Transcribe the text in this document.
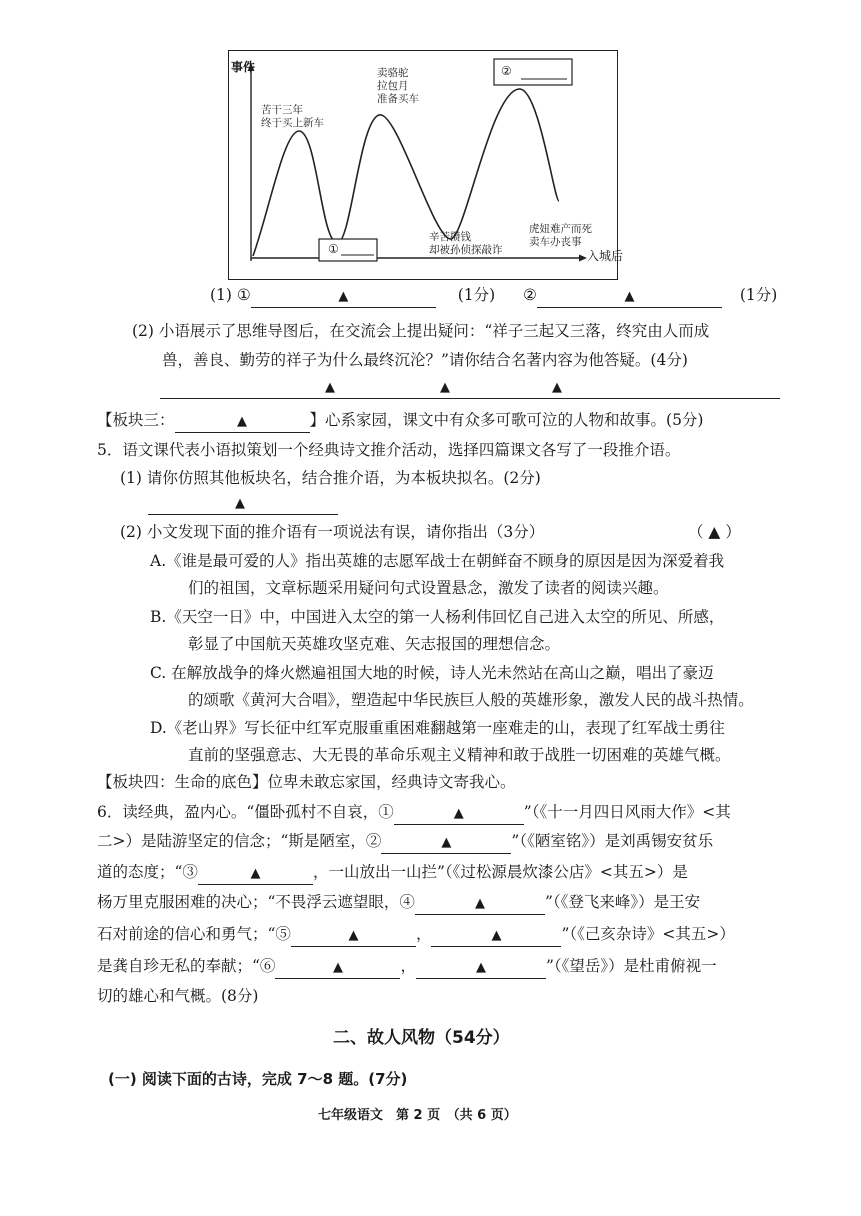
事件
入城后
苦干三年
终于买上新车
卖骆驼
拉包月
准备买车
辛苦攒钱
却被孙侦探敲诈
虎妞难产而死
卖车办丧事
①
②
(1) ①	▲	(1分) ②	▲	(1分)
(2) 小语展示了思维导图后，在交流会上提出疑问：“祥子三起又三落，终究由人而成
兽，善良、勤劳的祥子为什么最终沉沦？”请你结合名著内容为他答疑。(4分)
▲	▲	▲
【板块三：	▲	】心系家园，课文中有众多可歌可泣的人物和故事。(5分)
5．语文课代表小语拟策划一个经典诗文推介活动，选择四篇课文各写了一段推介语。
(1) 请你仿照其他板块名，结合推介语，为本板块拟名。(2分)
▲
(2) 小文发现下面的推介语有一项说法有误，请你指出（3分）	（ ▲ ）
A.《谁是最可爱的人》指出英雄的志愿军战士在朝鲜奋不顾身的原因是因为深爱着我
们的祖国，文章标题采用疑问句式设置悬念，激发了读者的阅读兴趣。
B.《天空一日》中，中国进入太空的第一人杨利伟回忆自己进入太空的所见、所感，
彰显了中国航天英雄攻坚克难、矢志报国的理想信念。
C. 在解放战争的烽火燃遍祖国大地的时候，诗人光未然站在高山之巅，唱出了豪迈
的颂歌《黄河大合唱》，塑造起中华民族巨人般的英雄形象，激发人民的战斗热情。
D.《老山界》写长征中红军克服重重困难翻越第一座难走的山，表现了红军战士勇往
直前的坚强意志、大无畏的革命乐观主义精神和敢于战胜一切困难的英雄气概。
【板块四：生命的底色】位卑未敢忘家国，经典诗文寄我心。
6．读经典，盈内心。“僵卧孤村不自哀，①	▲	”（《十一月四日风雨大作》<其
二>）是陆游坚定的信念；“斯是陋室，②	▲	”（《陋室铭》）是刘禹锡安贫乐
道的态度；“③	▲	，一山放出一山拦”（《过松源晨炊漆公店》<其五>）是
杨万里克服困难的决心；“不畏浮云遮望眼，④	▲	”（《登飞来峰》）是王安
石对前途的信心和勇气；“⑤	▲	，	▲	”（《己亥杂诗》<其五>）
是龚自珍无私的奉献；“⑥	▲	，	▲	”（《望岳》）是杜甫俯视一
切的雄心和气概。(8分)
二、故人风物（54分）
(一) 阅读下面的古诗，完成 7～8 题。(7分)
七年级语文　第 2 页　（共 6 页）
